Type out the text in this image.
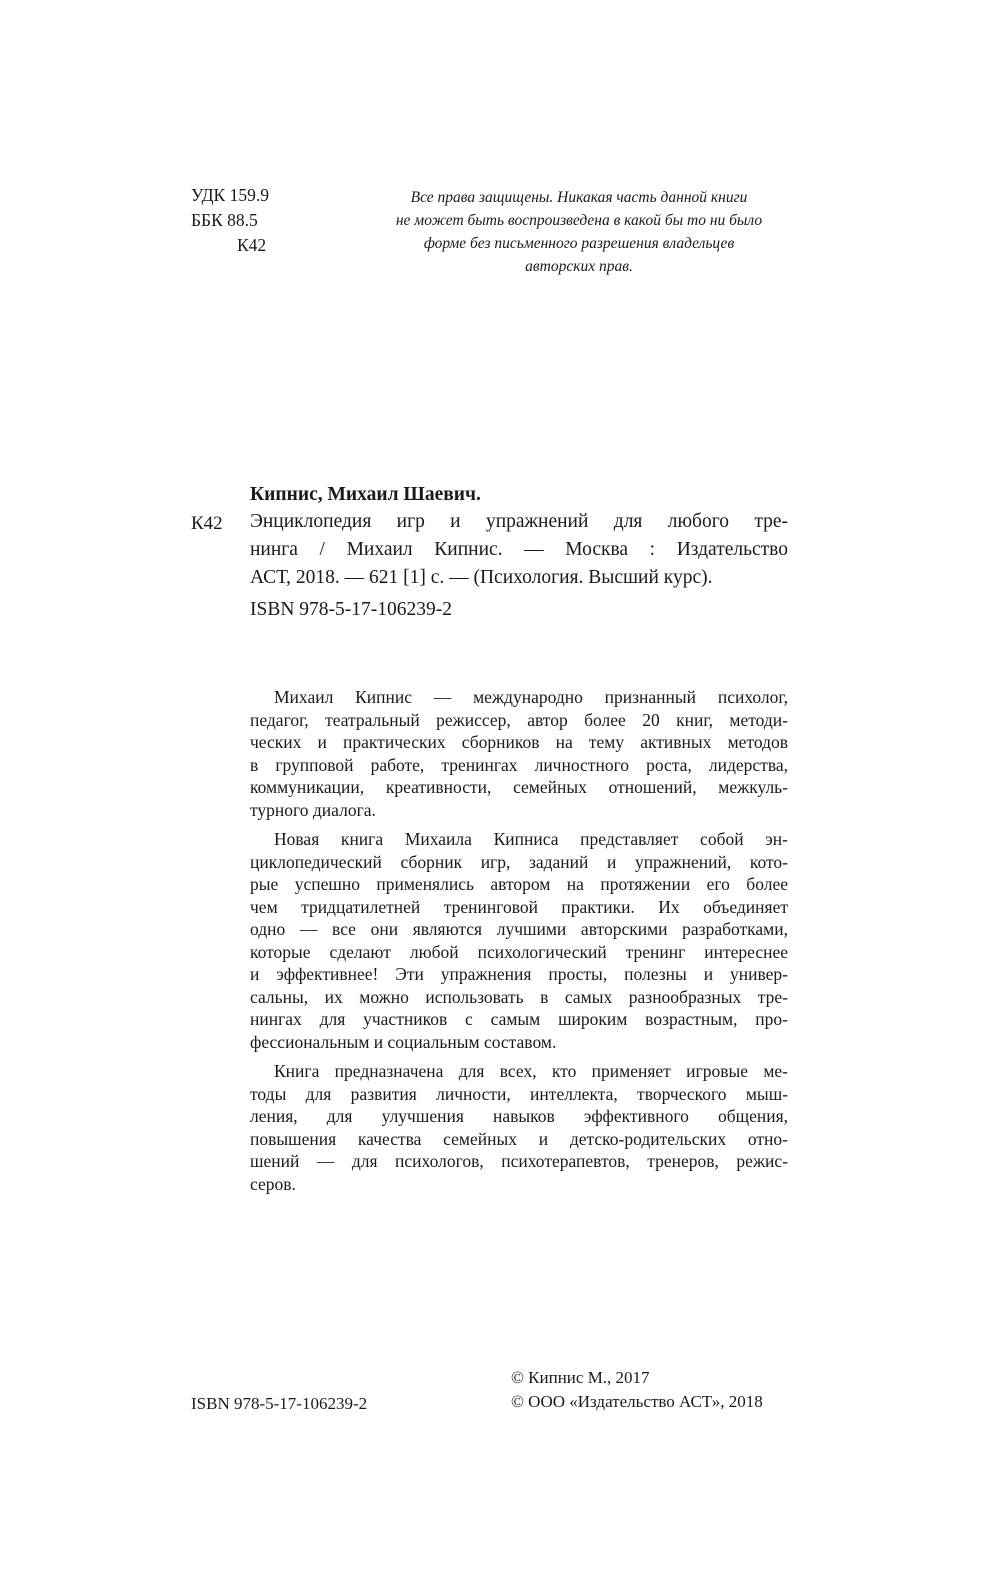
УДК 159.9
ББК 88.5
К42
Все права защищены. Никакая часть данной книги
не может быть воспроизведена в какой бы то ни было
форме без письменного разрешения владельцев
авторских прав.
Кипнис, Михаил Шаевич.
К42 Энциклопедия игр и упражнений для любого тре-
нинга / Михаил Кипнис. — Москва : Издательство
АСТ, 2018. — 621 [1] с. — (Психология. Высший курс).
ISBN 978-5-17-106239-2
Михаил Кипнис — международно признанный психолог,
педагог, театральный режиссер, автор более 20 книг, методи-
ческих и практических сборников на тему активных методов
в групповой работе, тренингах личностного роста, лидерства,
коммуникации, креативности, семейных отношений, межкуль-
турного диалога.
Новая книга Михаила Кипниса представляет собой эн-
циклопедический сборник игр, заданий и упражнений, кото-
рые успешно применялись автором на протяжении его более
чем тридцатилетней тренинговой практики. Их объединяет
одно — все они являются лучшими авторскими разработками,
которые сделают любой психологический тренинг интереснее
и эффективнее! Эти упражнения просты, полезны и универ-
сальны, их можно использовать в самых разнообразных тре-
нингах для участников с самым широким возрастным, про-
фессиональным и социальным составом.
Книга предназначена для всех, кто применяет игровые ме-
тоды для развития личности, интеллекта, творческого мыш-
ления, для улучшения навыков эффективного общения,
повышения качества семейных и детско-родительских отно-
шений — для психологов, психотерапевтов, тренеров, режис-
серов.
ISBN 978-5-17-106239-2
© Кипнис М., 2017
© ООО «Издательство АСТ», 2018
